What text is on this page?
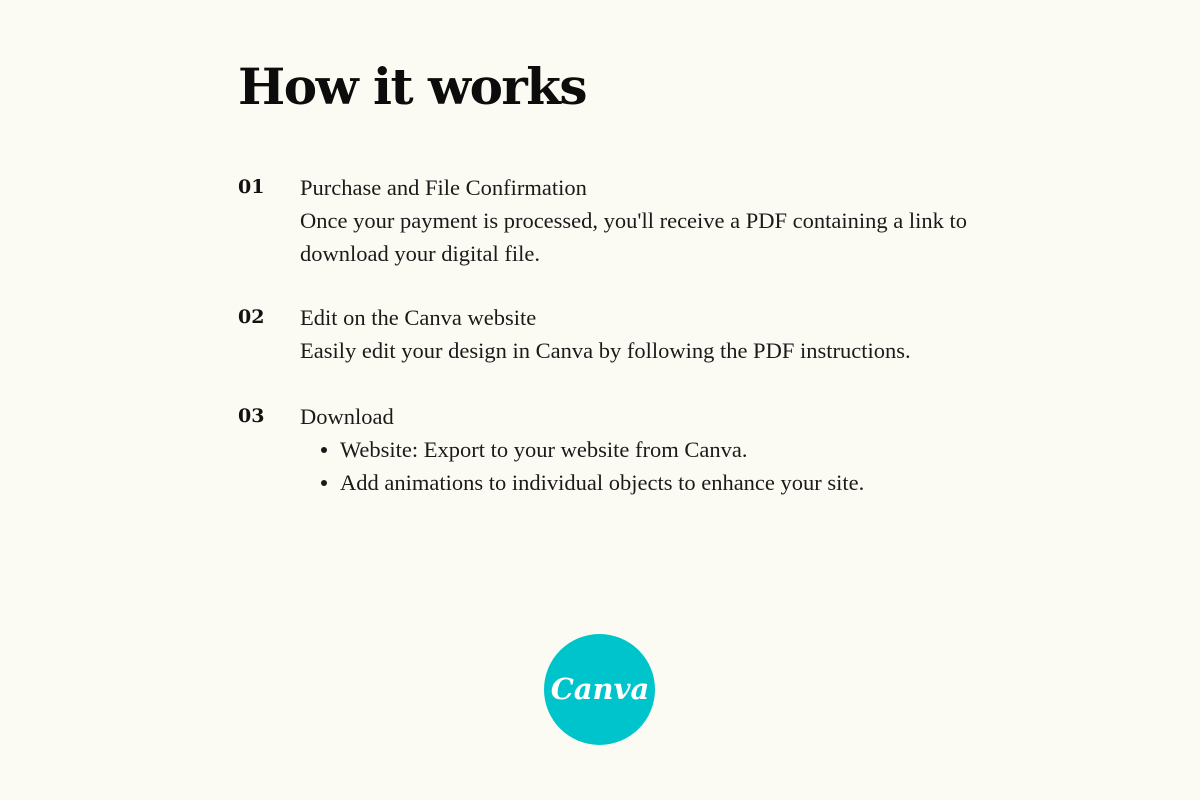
How it works
01 Purchase and File Confirmation
Once your payment is processed, you'll receive a PDF containing a link to
download your digital file.
02 Edit on the Canva website
Easily edit your design in Canva by following the PDF instructions.
03 Download
Website: Export to your website from Canva.
Add animations to individual objects to enhance your site.
Canva
